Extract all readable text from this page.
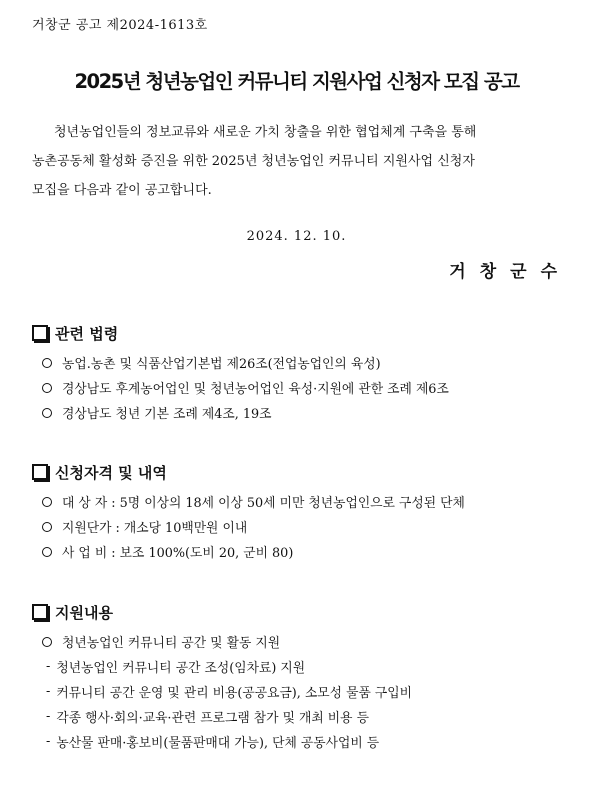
거창군 공고 제2024-1613호
2025년 청년농업인 커뮤니티 지원사업 신청자 모집 공고
청년농업인들의 정보교류와 새로운 가치 창출을 위한 협업체계 구축을 통해
농촌공동체 활성화 증진을 위한 2025년 청년농업인 커뮤니티 지원사업 신청자
모집을 다음과 같이 공고합니다.
2024. 12. 10.
거창군수
관련 법령
농업.농촌 및 식품산업기본법 제26조(전업농업인의 육성)
경상남도 후계농어업인 및 청년농어업인 육성·지원에 관한 조례 제6조
경상남도 청년 기본 조례 제4조, 19조
신청자격 및 내역
대 상 자 : 5명 이상의 18세 이상 50세 미만 청년농업인으로 구성된 단체
지원단가 : 개소당 10백만원 이내
사 업 비 : 보조 100%(도비 20, 군비 80)
지원내용
청년농업인 커뮤니티 공간 및 활동 지원
- 청년농업인 커뮤니티 공간 조성(임차료) 지원
- 커뮤니티 공간 운영 및 관리 비용(공공요금), 소모성 물품 구입비
- 각종 행사·회의·교육·관련 프로그램 참가 및 개최 비용 등
- 농산물 판매·홍보비(물품판매대 가능), 단체 공동사업비 등
